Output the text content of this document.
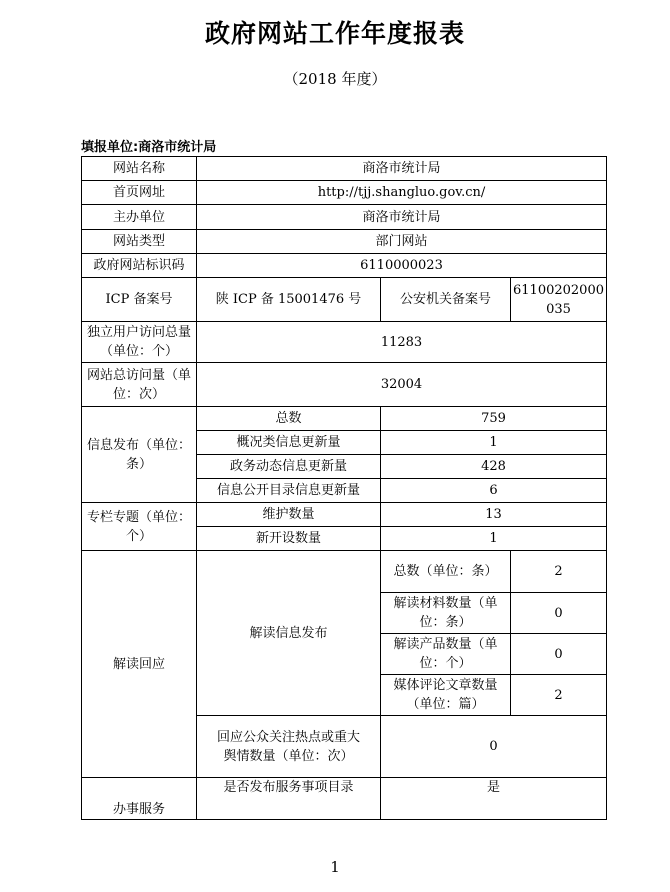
政府网站工作年度报表
（2018 年度）
填报单位:商洛市统计局
网站名称	商洛市统计局		
首页网址	http://tjj.shangluo.gov.cn/		
主办单位	商洛市统计局		
网站类型	部门网站		
政府网站标识码	6110000023		
ICP 备案号	陕 ICP 备 15001476 号	公安机关备案号	61100202000035
独立用户访问总量（单位：个）	11283		
网站总访问量（单位：次）	32004		
信息发布（单位：条）	总数	759	
	概况类信息更新量	1	
	政务动态信息更新量	428	
	信息公开目录信息更新量	6	
专栏专题（单位：个）	维护数量	13	
	新开设数量	1	
解读回应	解读信息发布	总数（单位：条）	2
		解读材料数量（单位：条）	0
		解读产品数量（单位：个）	0
		媒体评论文章数量（单位：篇）	2
	回应公众关注热点或重大舆情数量（单位：次）	0	
办事服务	是否发布服务事项目录	是	
1
